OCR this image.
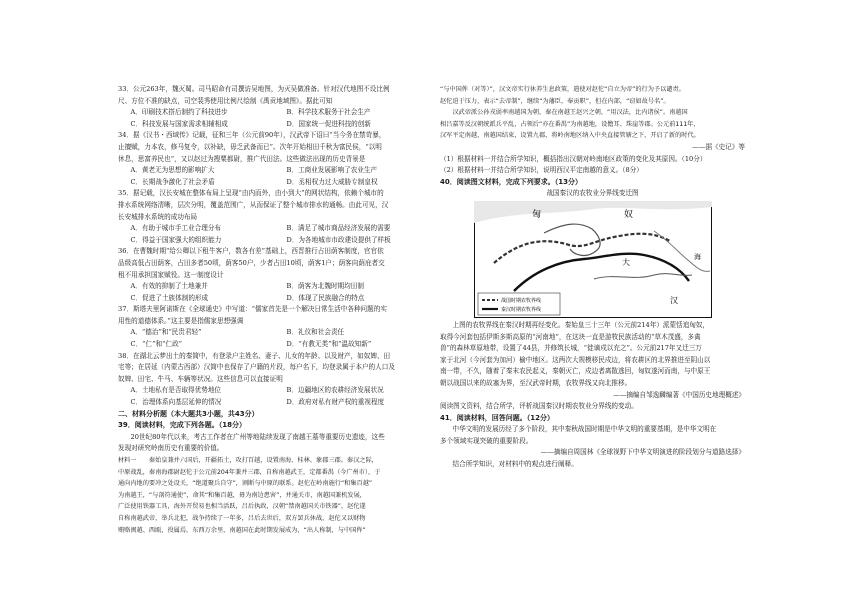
33．公元263年，魏灭蜀。司马昭命有司撰访吴地图，为灭吴做准备。针对汉代地图不设比例

尺、方位不准的缺点，司空裴秀使用比例尺绘制《禹贡地域图》。据此可知

A．印刷技术搭后制约了科技进步	B．科学技术服务于社会生产
C．科技发展与国家需求相辅相成	D．国家统一促进科技的创新

34．据《汉书・西域传》记载，征和三年（公元前90年），汉武帝下诏曰“当今务在禁苛暴，

止擅赋，力本农，修马复令，以补缺，毋乏武备而已”。次年开始相田千秋为富民侯，“以明

休息，思富养民也”，又以赵过为搜粟都尉，推广代田法。这些做法出现的历史背景是

A．黄老无为思想的影响扩大	B．工商业发展影响了农业生产
C．长期战争激化了社会矛盾	D．丞相权力过大威胁专制皇权

35．据记载，汉长安城在整体布局上呈现“由内而外，由小到大”的网状结构，依赖个城市的

排水系统网络清晰，层次分明，覆盖范围广，从而保证了整个城市排水的通畅。由此可见，汉

长安城排水系统的成功布局

A．有助于城市手工业合理分布	B．满足了城市商品经济发展的需要
C．得益于国家强大的组织能力	D．为各地城市市政建设提供了样板

36．在曹魏时期“给公卿以下租牛客户，数各有差”基础上，西晋推行占田荫客制度，官官依

品级高低占田荫客，占田多者50顷，荫客50户，少者占田10顷，荫客1户；荫客向荫庇者交

租不用承担国家赋役。这一制度设计

A．有效的抑制了土地兼并	B．荫客为北魏时期均田制
C．促进了土族体制的形成	D．体现了民族融合的特点

37．斯塔夫里阿诺斯在《全球通史》中写道：“儒家首先是一个解决日常生活中各种问题的实

用性的道德体系。”这主要是指儒家思想强调

A．“德治”和“民贵君轻”	B．礼仪和社会责任
C．“仁”和“仁政”	D．“有教无类”和“温故知新”

38．在湖北云梦出土的秦简中，有登录户主姓名、妻子、儿女的年龄、以及财产，如奴婢、田

宅等；在居延（内蒙古西部）汉简中也保存了户籍的片段，每户名下，均登录属于本户的人口及

奴婢、田宅、牛马、车辆等状况。这些信息可以直接证明

A．土地私有是否取得优势地位	B．边疆地区的农耕经济发展状况
C．治理体系向基层延伸的情况	D．政府对私有财产权的重视程度

二、材料分析题（本大题共3小题，共43分）

39．阅读材料，完成下列各题。（18分）

20世纪80年代以来，考古工作者在广州等地陆续发现了南越王墓等重要历史遗迹，这些

发现对研究岭南历史有重要的价值。

材料一　　秦始皇兼并六国后，开疆拓土，攻打百越，设置南海、桂林、象郡三郡。秦汉之际，

中原战乱，秦南海郡尉赵佗于公元前204年兼并三郡，自称南越武王，定都番禺（今广州市），于

通向内地的要冲之处设关，“绝道聚兵自守”，割断与中原的联系。赵佗在岭南施行“和集百越”

为南越王，“与剖符通使”，命其“和集百越，毋为南边患害”，并通关市，南越国兼机发展，

广泛使用铁器工具，海外开贸易也相当活跃，吕后执政，汉朝“禁南越国关市铁器”，赵佗遂

自称南越武帝，举兵北犯，战争持续了一年多，吕后去世后，双方罢兵休战，赵佗又以财物

贿赂闽越、西瓯，役属焉，东西万余里，南越国在此时期发展成为，“出人称制，与中国侔”

“与中国侔（对等）”，汉文帝实行休养生息政策，遣使对赵佗“自立为帝”的行为予以谴责。

赵佗迫于压力，表示“去帝制”，继续“为藩臣，奉贡职”，但在内部，“窃如故号名”。

　　汉武帝派公孙戎弱率南越国为朝，秦在南越王赵兴之朝，“用汉法，比内诸侯”。南越国

相吕嘉等反汉朝统派兵平乱，占领后“亦在番禺”为南越地，设儋耳、珠崖等郡。公元前111年，

汉军平定南越，南越国结束，设置九郡，将岭南地区纳入中央直接管辖之下，开启了新的时代。

——据《史记》等

（1）根据材料一并结合所学知识，概括指出汉朝对岭南地区政策的变化及其原因。（10分）

（2）根据材料一并结合所学知识，说明西汉平定南越的意义。（8分）

40．阅读图文材料，完成下列要求。（13分）

战国秦汉的农牧业分界线变迁图

匈	奴
大
汉
海
战国时期农牧界线
秦汉时期农牧界线

上图的农牧界线在秦汉时期再经变化。秦始皇三十三年（公元前214年）派蒙恬追匈奴，

取得今河套包括伊斯多斯高原的“河南地”，在这块一直是游牧民族活动的“草木茂盛，多禽

兽”的森林草原地带，设置了44县，并修筑长城，“徙谪戍以充之”。公元前217年又迁三万

家于北河（今河套为加河）榆中地区。这两次大规模移民戍边，将农耕区的北界推进至阴山以

南一带，不久，随着了秦末农民起义，秦朝灭亡，戍边者离散逃回，匈奴遂河而南，与中原王

朝以战国以来的故塞为界，至汉武帝时期，农牧界线又向北推移。

——摘编自邹逸麟编著《中国历史地理概述》

阅读图文资料，结合所学，评析战国秦汉时期农牧业分界线的变动。

41．阅读材料，回答问题。（12分）

中华文明的发展历经了多个阶段，其中秦秋战国时期是中华文明的重要基期，是中华文明在

多个领域实现突破的重要阶段。

——摘编自周国林《全球视野下中华文明演进的阶段划分与道路选择》

结合所学知识，对材料中的观点进行阐释。
